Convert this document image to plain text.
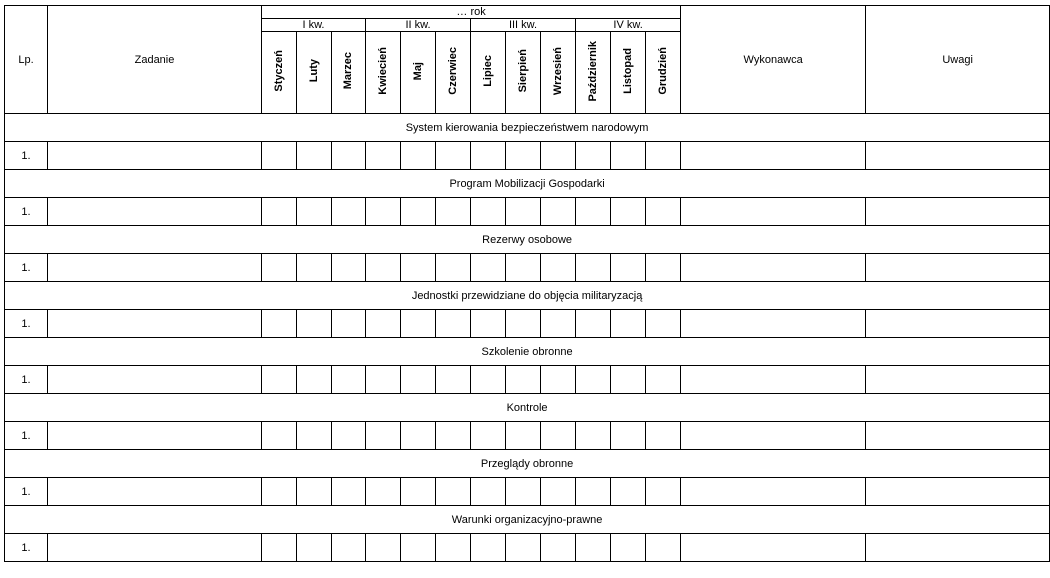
Lp.	Zadanie	… rok												Wykonawca	Uwagi
		I kw.			II kw.			III kw.			IV kw.				
		Styczeń	Luty	Marzec	Kwiecień	Maj	Czerwiec	Lipiec	Sierpień	Wrzesień	Październik	Listopad	Grudzień		
System kierowania bezpieczeństwem narodowym															
1.															
Program Mobilizacji Gospodarki															
1.															
Rezerwy osobowe															
1.															
Jednostki przewidziane do objęcia militaryzacją															
1.															
Szkolenie obronne															
1.															
Kontrole															
1.															
Przeglądy obronne															
1.															
Warunki organizacyjno-prawne															
1.															
